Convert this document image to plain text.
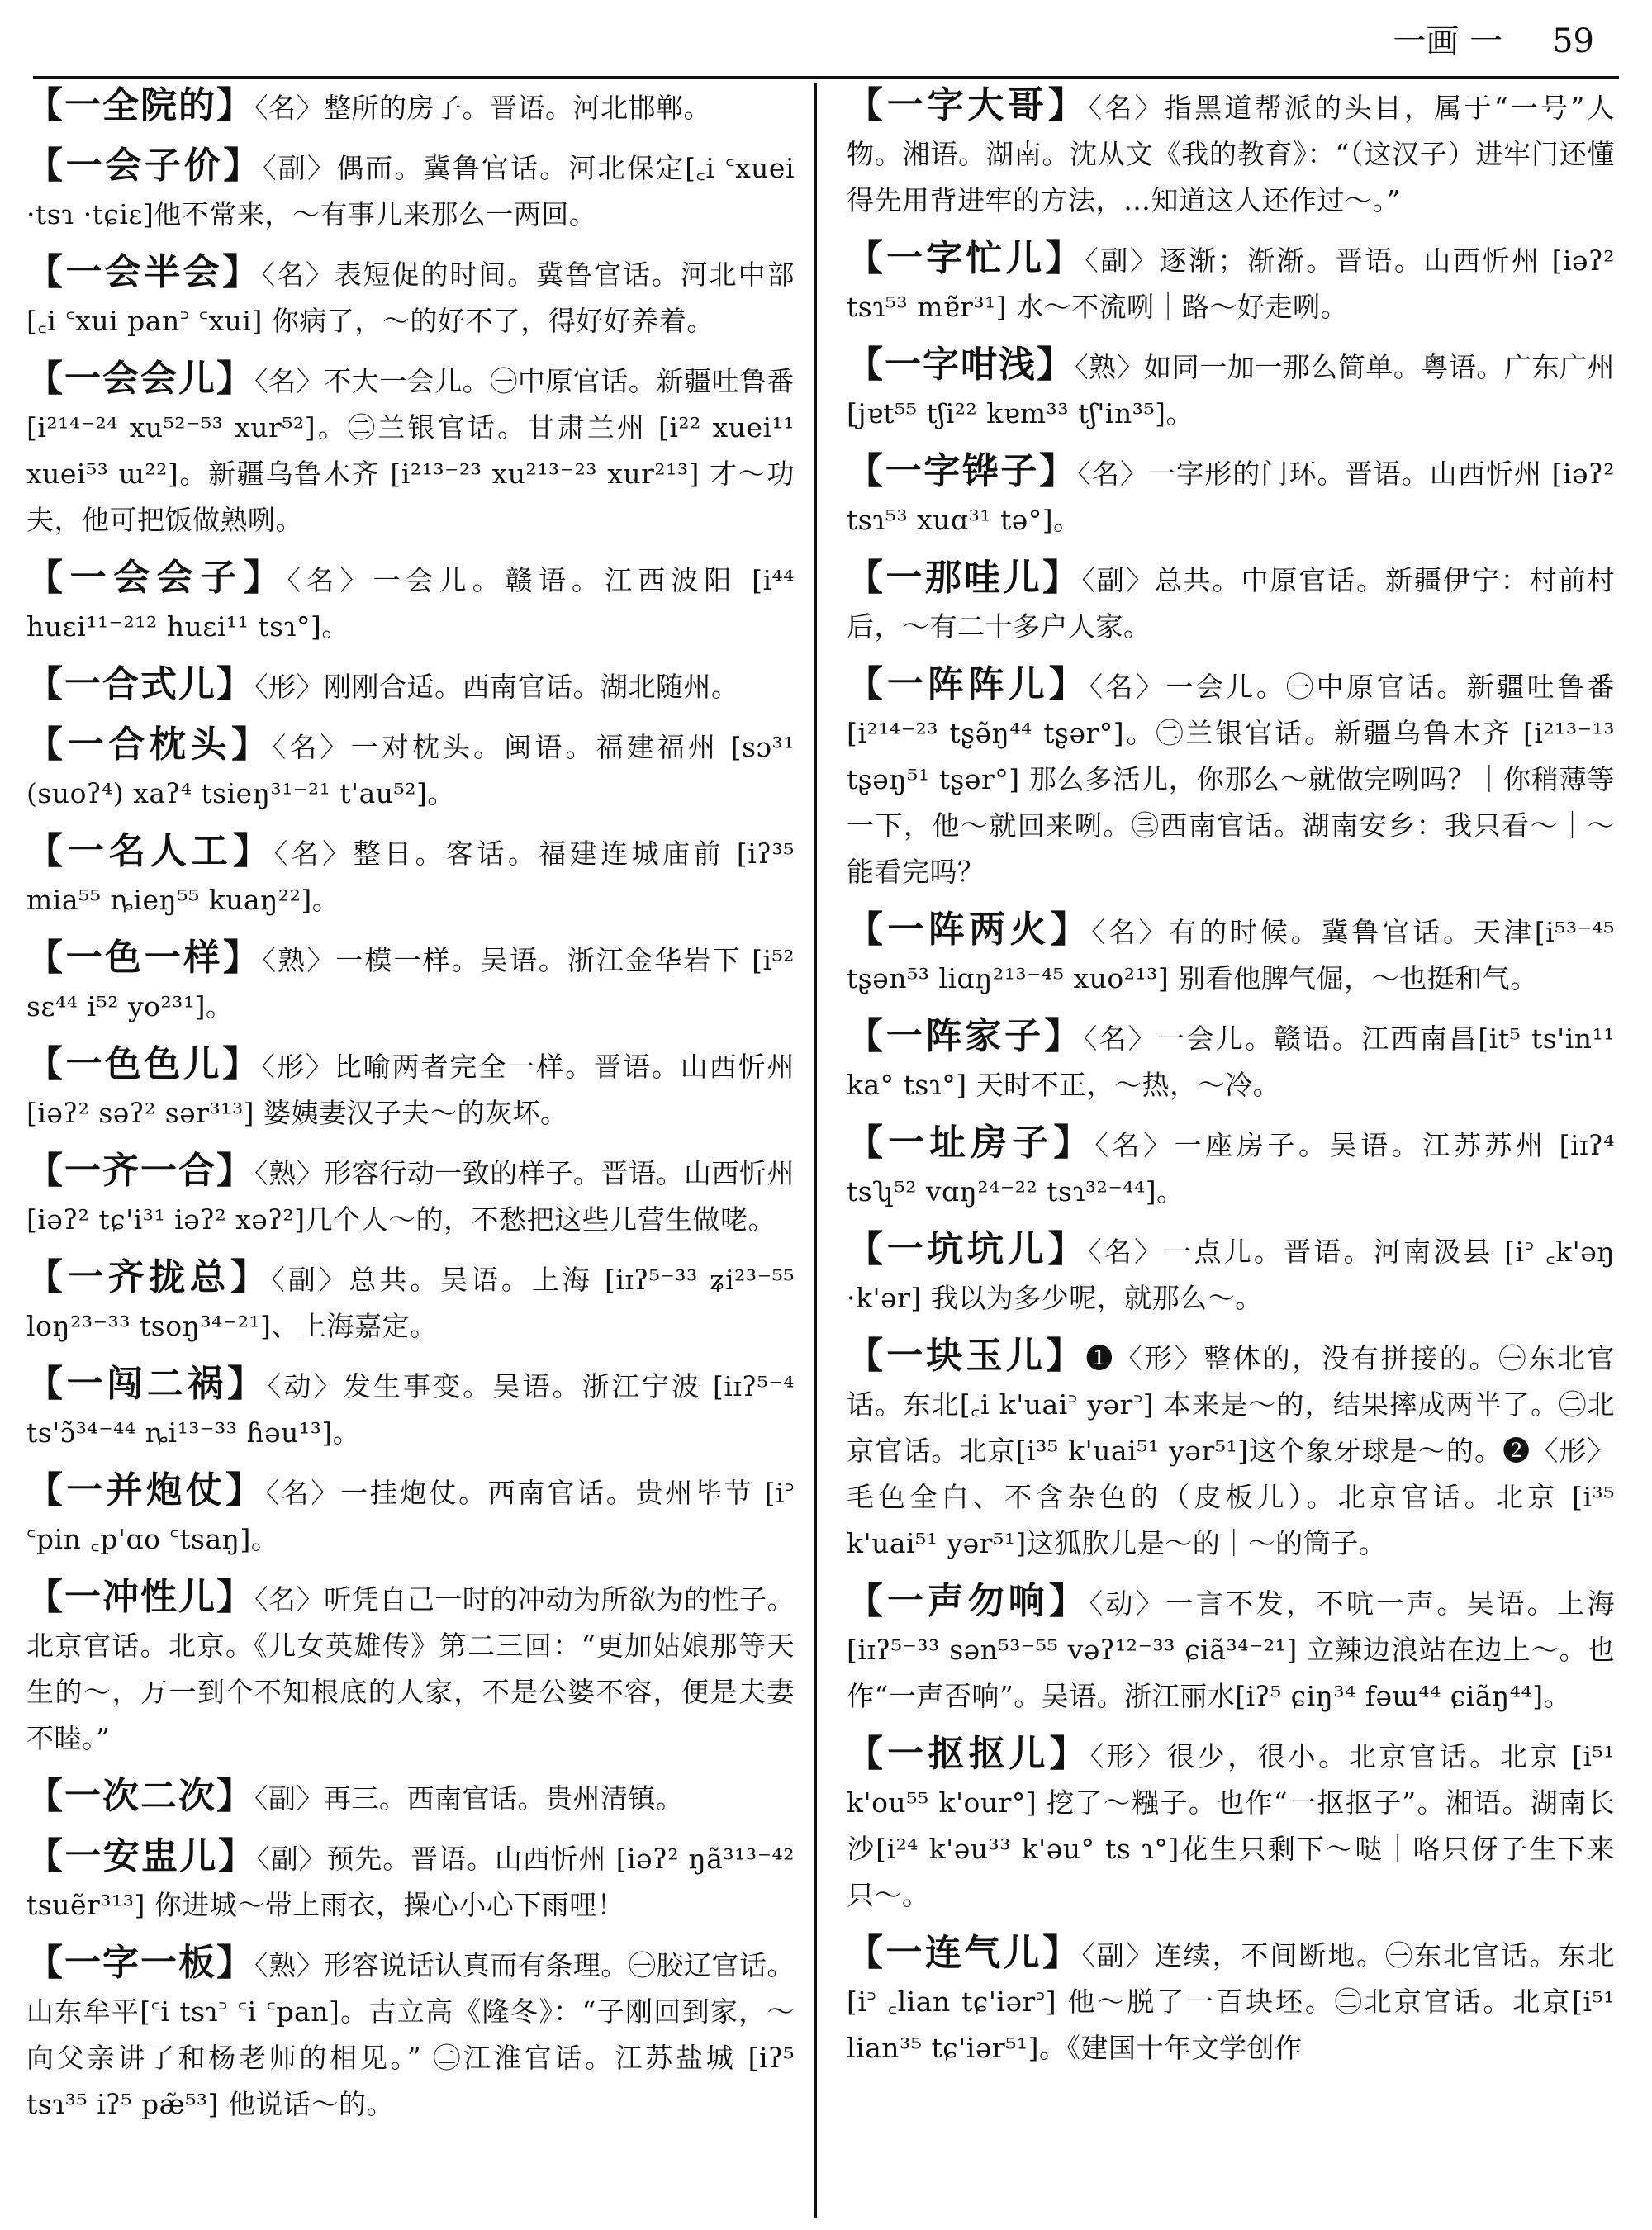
一画 一 59
【一全院的】〈名〉整所的房子。晋语。河北邯郸。
【一会子价】〈副〉偶而。冀鲁官话。河北保定[꜀i ꜂xuei ·tsɿ ·tɕiɛ]他不常来，～有事儿来那么一两回。
【一会半会】〈名〉表短促的时间。冀鲁官话。河北中部[꜀i ꜂xui pan꜄ ꜂xui] 你病了，～的好不了，得好好养着。
【一会会儿】〈名〉不大一会儿。㊀中原官话。新疆吐鲁番 [i²¹⁴⁻²⁴ xu⁵²⁻⁵³ xur⁵²]。㊁兰银官话。甘肃兰州 [i²² xuei¹¹ xuei⁵³ ɯ²²]。新疆乌鲁木齐 [i²¹³⁻²³ xu²¹³⁻²³ xur²¹³] 才～功夫，他可把饭做熟咧。
【一会会子】〈名〉一会儿。赣语。江西波阳 [i⁴⁴ huɛi¹¹⁻²¹² huɛi¹¹ tsɿ°]。
【一合式儿】〈形〉刚刚合适。西南官话。湖北随州。
【一合枕头】〈名〉一对枕头。闽语。福建福州 [sɔ³¹ (suoʔ⁴) xaʔ⁴ tsieŋ³¹⁻²¹ t'au⁵²]。
【一名人工】〈名〉整日。客话。福建连城庙前 [iʔ³⁵ mia⁵⁵ ȵieŋ⁵⁵ kuaŋ²²]。
【一色一样】〈熟〉一模一样。吴语。浙江金华岩下 [i⁵² sɛ⁴⁴ i⁵² yo²³¹]。
【一色色儿】〈形〉比喻两者完全一样。晋语。山西忻州[iəʔ² səʔ² sər³¹³] 婆姨妻汉子夫～的灰坏。
【一齐一合】〈熟〉形容行动一致的样子。晋语。山西忻州[iəʔ² tɕ'i³¹ iəʔ² xəʔ²]几个人～的，不愁把这些儿营生做咾。
【一齐拢总】〈副〉总共。吴语。上海 [iɪʔ⁵⁻³³ ʑi²³⁻⁵⁵ loŋ²³⁻³³ tsoŋ³⁴⁻²¹]、上海嘉定。
【一闯二祸】〈动〉发生事变。吴语。浙江宁波 [iɪʔ⁵⁻⁴ ts'ɔ̃³⁴⁻⁴⁴ ȵi¹³⁻³³ ɦəu¹³]。
【一并炮仗】〈名〉一挂炮仗。西南官话。贵州毕节 [i꜄ ꜂pin ꜀p'ɑo ꜂tsaŋ]。
【一冲性儿】〈名〉听凭自己一时的冲动为所欲为的性子。北京官话。北京。《儿女英雄传》第二三回：“更加姑娘那等天生的～，万一到个不知根底的人家，不是公婆不容，便是夫妻不睦。”
【一次二次】〈副〉再三。西南官话。贵州清镇。
【一安盅儿】〈副〉预先。晋语。山西忻州 [iəʔ² ŋã³¹³⁻⁴² tsuẽr³¹³] 你进城～带上雨衣，操心小心下雨哩！
【一字一板】〈熟〉形容说话认真而有条理。㊀胶辽官话。山东牟平[꜂i tsɿ꜄ ꜂i ꜂pan]。古立高《隆冬》：“子刚回到家，～向父亲讲了和杨老师的相见。” ㊁江淮官话。江苏盐城 [iʔ⁵ tsɿ³⁵ iʔ⁵ pæ̃⁵³] 他说话～的。
【一字大哥】〈名〉指黑道帮派的头目，属于“一号”人物。湘语。湖南。沈从文《我的教育》：“（这汉子）进牢门还懂得先用背进牢的方法，…知道这人还作过～。”
【一字忙儿】〈副〉逐渐；渐渐。晋语。山西忻州 [iəʔ² tsɿ⁵³ mɐ̃r³¹] 水～不流咧｜路～好走咧。
【一字咁浅】〈熟〉如同一加一那么简单。粤语。广东广州[jɐt⁵⁵ tʃi²² kɐm³³ tʃ'in³⁵]。
【一字铧子】〈名〉一字形的门环。晋语。山西忻州 [iəʔ² tsɿ⁵³ xuɑ³¹ tə°]。
【一那哇儿】〈副〉总共。中原官话。新疆伊宁：村前村后，～有二十多户人家。
【一阵阵儿】〈名〉一会儿。㊀中原官话。新疆吐鲁番 [i²¹⁴⁻²³ tʂə̃ŋ⁴⁴ tʂər°]。㊁兰银官话。新疆乌鲁木齐 [i²¹³⁻¹³ tʂəŋ⁵¹ tʂər°] 那么多活儿，你那么～就做完咧吗？｜你稍薄等一下，他～就回来咧。㊂西南官话。湖南安乡：我只看～｜～能看完吗？
【一阵两火】〈名〉有的时候。冀鲁官话。天津[i⁵³⁻⁴⁵ tʂən⁵³ liɑŋ²¹³⁻⁴⁵ xuo²¹³] 别看他脾气倔，～也挺和气。
【一阵家子】〈名〉一会儿。赣语。江西南昌[it⁵ ts'in¹¹ ka° tsɿ°] 天时不正，～热，～冷。
【一址房子】〈名〉一座房子。吴语。江苏苏州 [iɪʔ⁴ tsʮ⁵² vɑŋ²⁴⁻²² tsɿ³²⁻⁴⁴]。
【一坑坑儿】〈名〉一点儿。晋语。河南汲县 [i꜄ ꜀k'əŋ ·k'ər] 我以为多少呢，就那么～。
【一块玉儿】❶〈形〉整体的，没有拼接的。㊀东北官话。东北[꜀i k'uai꜄ yər꜄] 本来是～的，结果摔成两半了。㊁北京官话。北京[i³⁵ k'uai⁵¹ yər⁵¹]这个象牙球是～的。❷〈形〉毛色全白、不含杂色的（皮板儿）。北京官话。北京 [i³⁵ k'uai⁵¹ yər⁵¹]这狐肷儿是～的｜～的筒子。
【一声勿响】〈动〉一言不发，不吭一声。吴语。上海 [iɪʔ⁵⁻³³ sən⁵³⁻⁵⁵ vəʔ¹²⁻³³ ɕiã³⁴⁻²¹] 立辣边浪站在边上～。也作“一声否响”。吴语。浙江丽水[iʔ⁵ ɕiŋ³⁴ fəɯ⁴⁴ ɕiãŋ⁴⁴]。
【一抠抠儿】〈形〉很少，很小。北京官话。北京 [i⁵¹ k'ou⁵⁵ k'our°] 挖了～糨子。也作“一抠抠子”。湘语。湖南长沙[i²⁴ k'əu³³ k'əu° ts ɿ°]花生只剩下～哒｜咯只伢子生下来只～。
【一连气儿】〈副〉连续，不间断地。㊀东北官话。东北[i꜄ ꜀lian tɕ'iər꜄] 他～脱了一百块坯。㊁北京官话。北京[i⁵¹ lian³⁵ tɕ'iər⁵¹]。《建国十年文学创作
